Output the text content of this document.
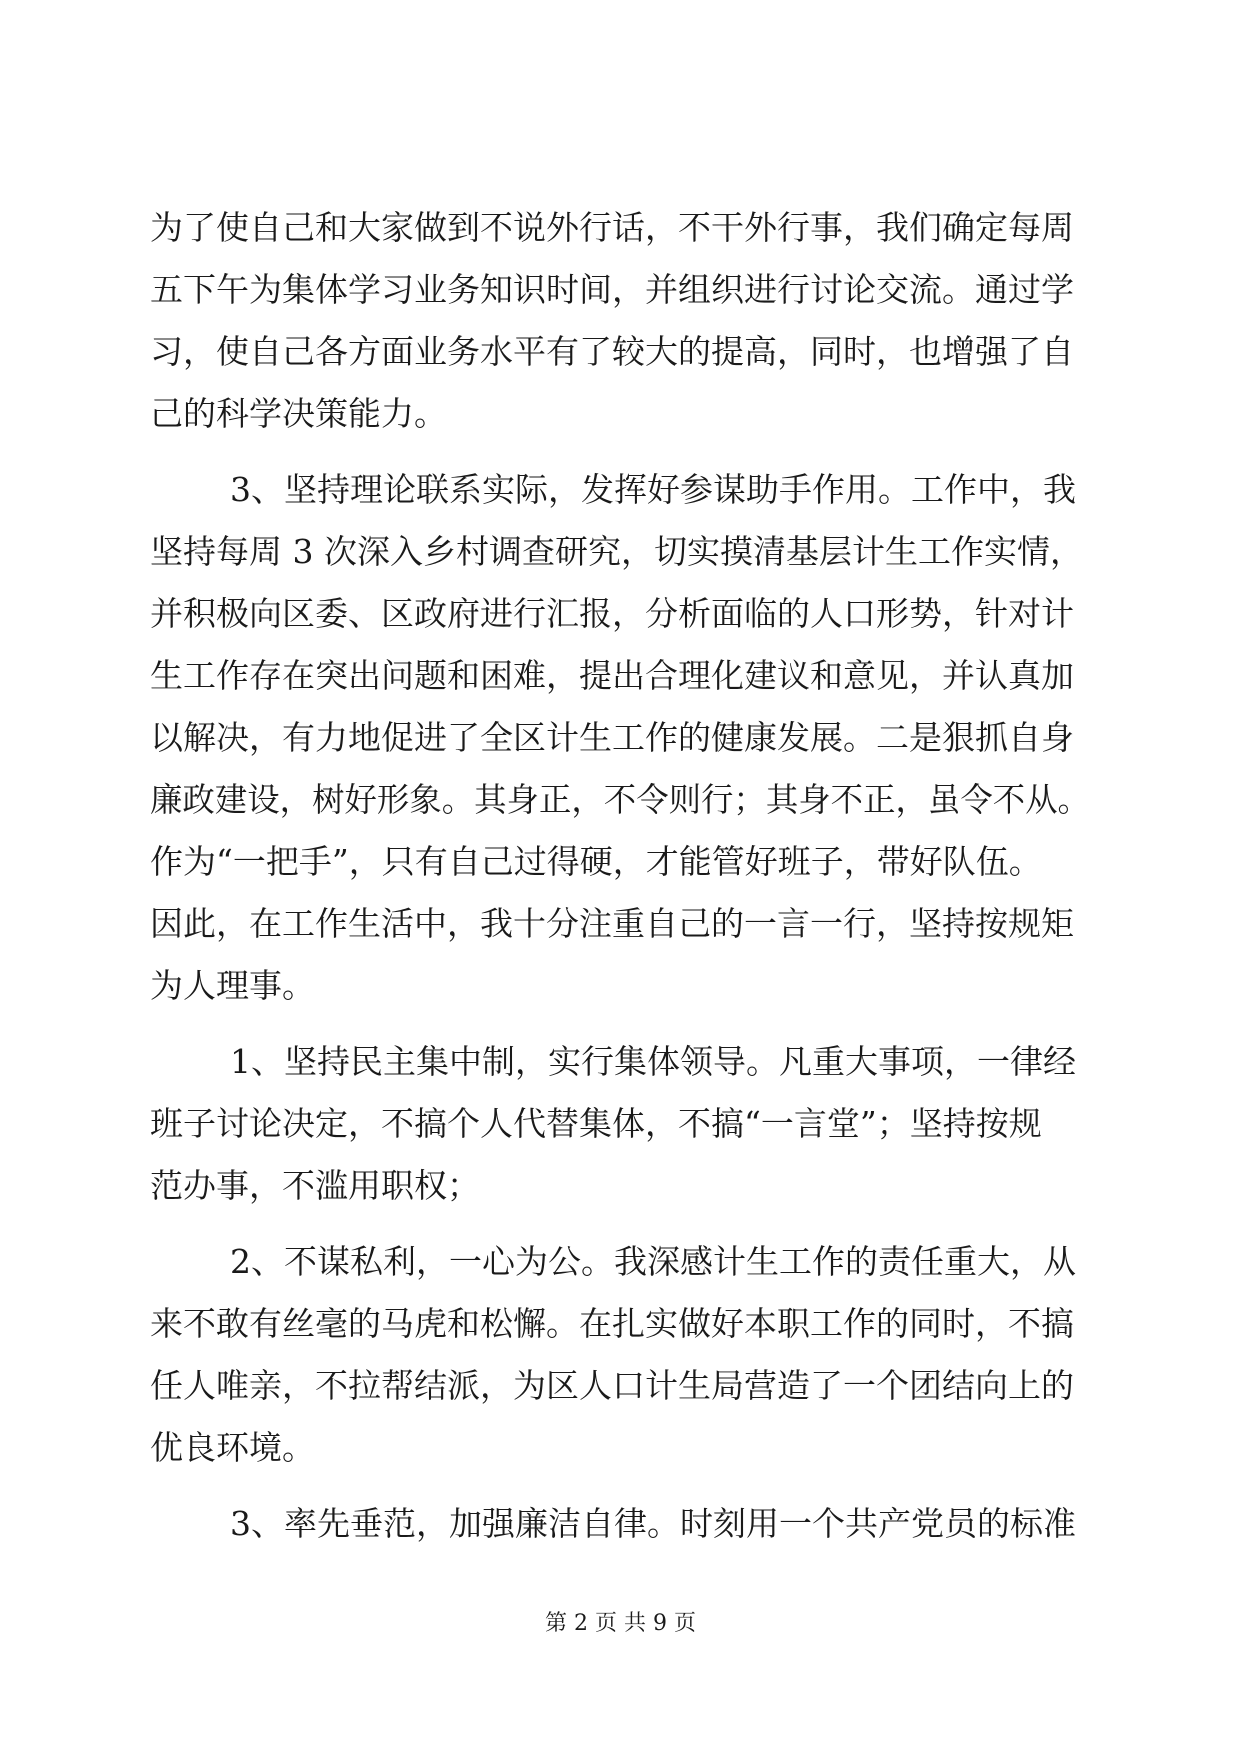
为了使自己和大家做到不说外行话，不干外行事，我们确定每周
五下午为集体学习业务知识时间，并组织进行讨论交流。通过学
习，使自己各方面业务水平有了较大的提高，同时，也增强了自
己的科学决策能力。
3、坚持理论联系实际，发挥好参谋助手作用。工作中，我
坚持每周 3 次深入乡村调查研究，切实摸清基层计生工作实情，
并积极向区委、区政府进行汇报，分析面临的人口形势，针对计
生工作存在突出问题和困难，提出合理化建议和意见，并认真加
以解决，有力地促进了全区计生工作的健康发展。二是狠抓自身
廉政建设，树好形象。其身正，不令则行；其身不正，虽令不从。
作为“一把手”，只有自己过得硬，才能管好班子，带好队伍。
因此，在工作生活中，我十分注重自己的一言一行，坚持按规矩
为人理事。
1、坚持民主集中制，实行集体领导。凡重大事项，一律经
班子讨论决定，不搞个人代替集体，不搞“一言堂”；坚持按规
范办事，不滥用职权；
2、不谋私利，一心为公。我深感计生工作的责任重大，从
来不敢有丝毫的马虎和松懈。在扎实做好本职工作的同时，不搞
任人唯亲，不拉帮结派，为区人口计生局营造了一个团结向上的
优良环境。
3、率先垂范，加强廉洁自律。时刻用一个共产党员的标准
第 2 页 共 9 页
